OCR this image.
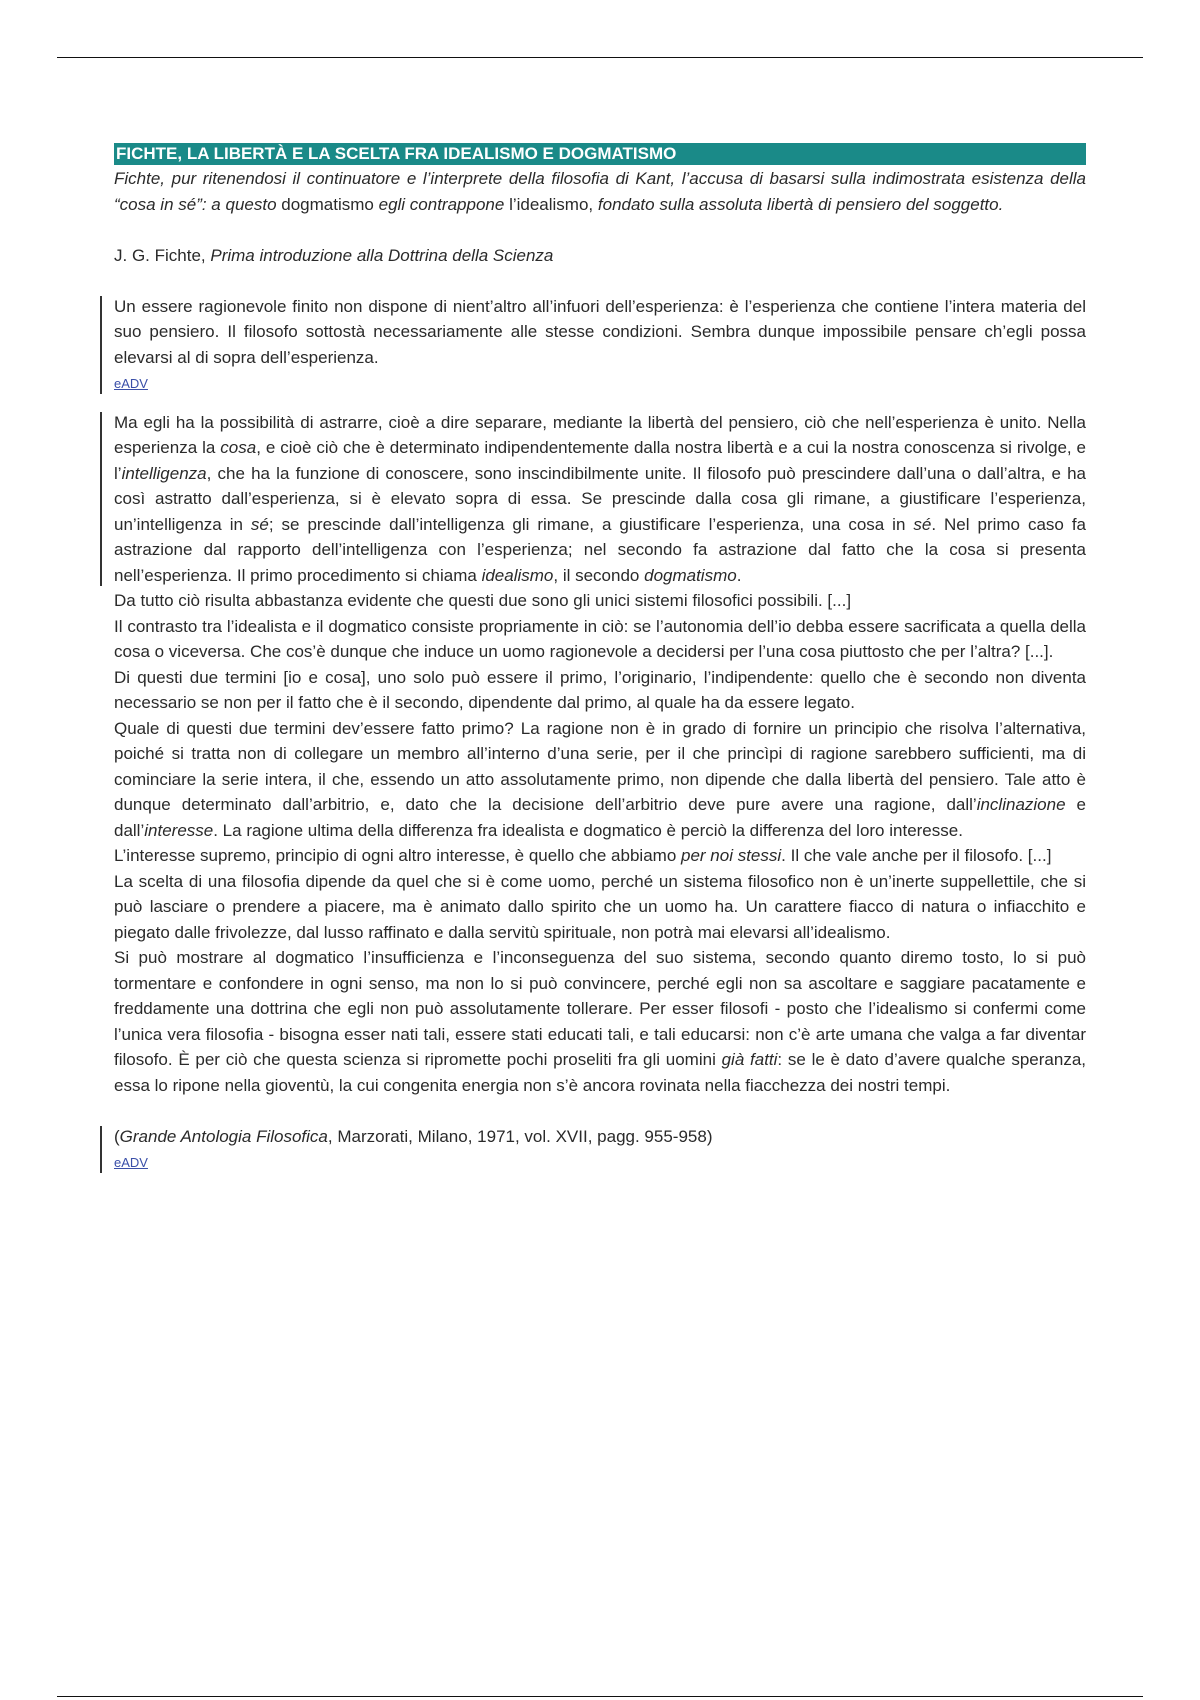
FICHTE, LA LIBERTÀ E LA SCELTA FRA IDEALISMO E DOGMATISMO

Fichte, pur ritenendosi il continuatore e l’interprete della filosofia di Kant, l’accusa di basarsi sulla indimostrata esistenza della “cosa in sé”: a questo dogmatismo egli contrappone l’idealismo, fondato sulla assoluta libertà di pensiero del soggetto.

J. G. Fichte, Prima introduzione alla Dottrina della Scienza

Un essere ragionevole finito non dispone di nient’altro all’infuori dell’esperienza: è l’esperienza che contiene l’intera materia del suo pensiero. Il filosofo sottostà necessariamente alle stesse condizioni. Sembra dunque impossibile pensare ch’egli possa elevarsi al di sopra dell’esperienza.

eADV

Ma egli ha la possibilità di astrarre, cioè a dire separare, mediante la libertà del pensiero, ciò che nell’esperienza è unito. Nella esperienza la cosa, e cioè ciò che è determinato indipendentemente dalla nostra libertà e a cui la nostra conoscenza si rivolge, e l’intelligenza, che ha la funzione di conoscere, sono inscindibilmente unite. Il filosofo può prescindere dall’una o dall’altra, e ha così astratto dall’esperienza, si è elevato sopra di essa. Se prescinde dalla cosa gli rimane, a giustificare l’esperienza, un’intelligenza in sé; se prescinde dall’intelligenza gli rimane, a giustificare l’esperienza, una cosa in sé. Nel primo caso fa astrazione dal rapporto dell’intelligenza con l’esperienza; nel secondo fa astrazione dal fatto che la cosa si presenta nell’esperienza. Il primo procedimento si chiama idealismo, il secondo dogmatismo.

Da tutto ciò risulta abbastanza evidente che questi due sono gli unici sistemi filosofici possibili. [...]

Il contrasto tra l’idealista e il dogmatico consiste propriamente in ciò: se l’autonomia dell’io debba essere sacrificata a quella della cosa o viceversa. Che cos’è dunque che induce un uomo ragionevole a decidersi per l’una cosa piuttosto che per l’altra? [...].

Di questi due termini [io e cosa], uno solo può essere il primo, l’originario, l’indipendente: quello che è secondo non diventa necessario se non per il fatto che è il secondo, dipendente dal primo, al quale ha da essere legato.

Quale di questi due termini dev’essere fatto primo? La ragione non è in grado di fornire un principio che risolva l’alternativa, poiché si tratta non di collegare un membro all’interno d’una serie, per il che princìpi di ragione sarebbero sufficienti, ma di cominciare la serie intera, il che, essendo un atto assolutamente primo, non dipende che dalla libertà del pensiero. Tale atto è dunque determinato dall’arbitrio, e, dato che la decisione dell’arbitrio deve pure avere una ragione, dall’inclinazione e dall’interesse. La ragione ultima della differenza fra idealista e dogmatico è perciò la differenza del loro interesse.

L’interesse supremo, principio di ogni altro interesse, è quello che abbiamo per noi stessi. Il che vale anche per il filosofo. [...]

La scelta di una filosofia dipende da quel che si è come uomo, perché un sistema filosofico non è un’inerte suppellettile, che si può lasciare o prendere a piacere, ma è animato dallo spirito che un uomo ha. Un carattere fiacco di natura o infiacchito e piegato dalle frivolezze, dal lusso raffinato e dalla servitù spirituale, non potrà mai elevarsi all’idealismo.

Si può mostrare al dogmatico l’insufficienza e l’inconseguenza del suo sistema, secondo quanto diremo tosto, lo si può tormentare e confondere in ogni senso, ma non lo si può convincere, perché egli non sa ascoltare e saggiare pacatamente e freddamente una dottrina che egli non può assolutamente tollerare. Per esser filosofi - posto che l’idealismo si confermi come l’unica vera filosofia - bisogna esser nati tali, essere stati educati tali, e tali educarsi: non c’è arte umana che valga a far diventar filosofo. È per ciò che questa scienza si ripromette pochi proseliti fra gli uomini già fatti: se le è dato d’avere qualche speranza, essa lo ripone nella gioventù, la cui congenita energia non s’è ancora rovinata nella fiacchezza dei nostri tempi.

(Grande Antologia Filosofica, Marzorati, Milano, 1971, vol. XVII, pagg. 955-958)

eADV
